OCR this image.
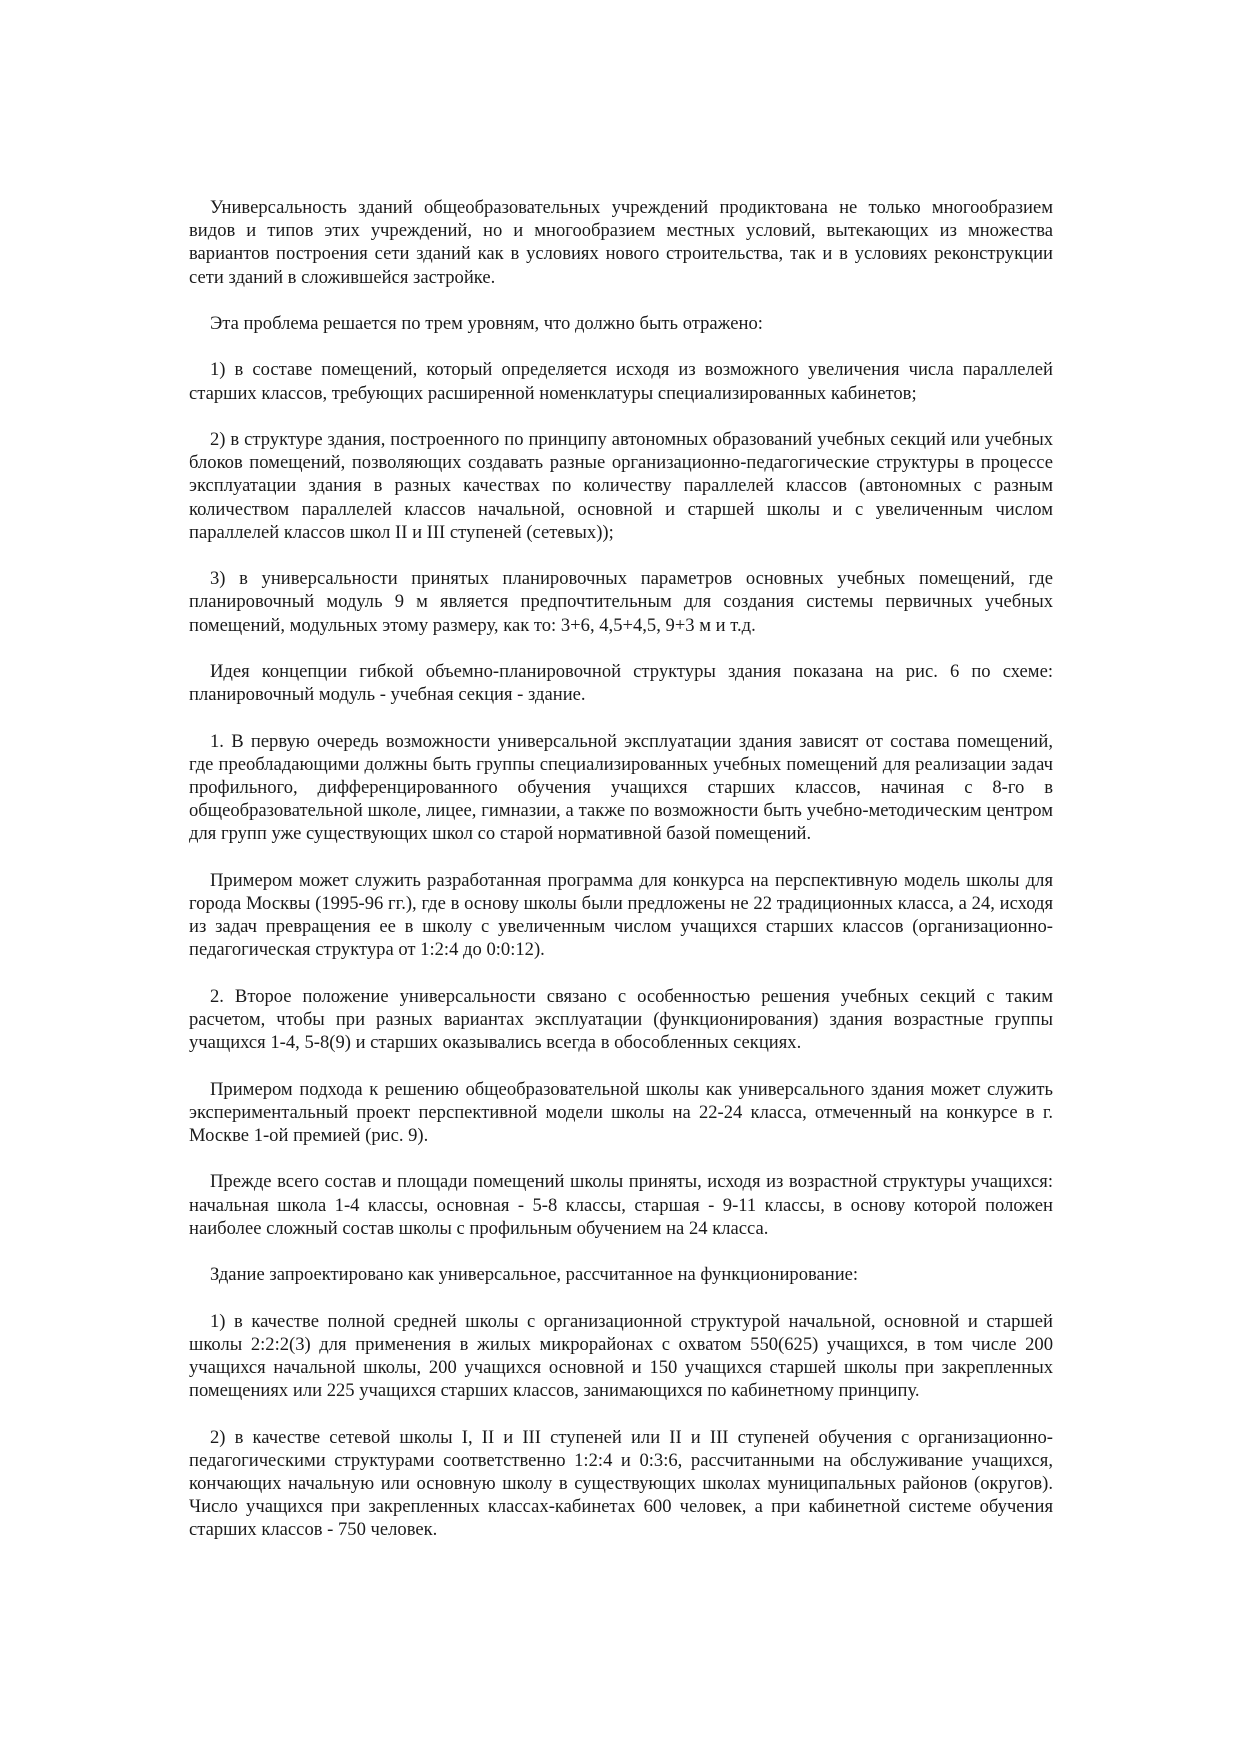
Универсальность зданий общеобразовательных учреждений продиктована не только многообразием видов и типов этих учреждений, но и многообразием местных условий, вытекающих из множества вариантов построения сети зданий как в условиях нового строительства, так и в условиях реконструкции сети зданий в сложившейся застройке.

Эта проблема решается по трем уровням, что должно быть отражено:

1) в составе помещений, который определяется исходя из возможного увеличения числа параллелей старших классов, требующих расширенной номенклатуры специализированных кабинетов;

2) в структуре здания, построенного по принципу автономных образований учебных секций или учебных блоков помещений, позволяющих создавать разные организационно-педагогические структуры в процессе эксплуатации здания в разных качествах по количеству параллелей классов (автономных с разным количеством параллелей классов начальной, основной и старшей школы и с увеличенным числом параллелей классов школ II и III ступеней (сетевых));

3) в универсальности принятых планировочных параметров основных учебных помещений, где планировочный модуль 9 м является предпочтительным для создания системы первичных учебных помещений, модульных этому размеру, как то: 3+6, 4,5+4,5, 9+3 м и т.д.

Идея концепции гибкой объемно-планировочной структуры здания показана на рис. 6 по схеме: планировочный модуль - учебная секция - здание.

1. В первую очередь возможности универсальной эксплуатации здания зависят от состава помещений, где преобладающими должны быть группы специализированных учебных помещений для реализации задач профильного, дифференцированного обучения учащихся старших классов, начиная с 8-го в общеобразовательной школе, лицее, гимназии, а также по возможности быть учебно-методическим центром для групп уже существующих школ со старой нормативной базой помещений.

Примером может служить разработанная программа для конкурса на перспективную модель школы для города Москвы (1995-96 гг.), где в основу школы были предложены не 22 традиционных класса, а 24, исходя из задач превращения ее в школу с увеличенным числом учащихся старших классов (организационно-педагогическая структура от 1:2:4 до 0:0:12).

2. Второе положение универсальности связано с особенностью решения учебных секций с таким расчетом, чтобы при разных вариантах эксплуатации (функционирования) здания возрастные группы учащихся 1-4, 5-8(9) и старших оказывались всегда в обособленных секциях.

Примером подхода к решению общеобразовательной школы как универсального здания может служить экспериментальный проект перспективной модели школы на 22-24 класса, отмеченный на конкурсе в г. Москве 1-ой премией (рис. 9).

Прежде всего состав и площади помещений школы приняты, исходя из возрастной структуры учащихся: начальная школа 1-4 классы, основная - 5-8 классы, старшая - 9-11 классы, в основу которой положен наиболее сложный состав школы с профильным обучением на 24 класса.

Здание запроектировано как универсальное, рассчитанное на функционирование:

1) в качестве полной средней школы с организационной структурой начальной, основной и старшей школы 2:2:2(3) для применения в жилых микрорайонах с охватом 550(625) учащихся, в том числе 200 учащихся начальной школы, 200 учащихся основной и 150 учащихся старшей школы при закрепленных помещениях или 225 учащихся старших классов, занимающихся по кабинетному принципу.

2) в качестве сетевой школы I, II и III ступеней или II и III ступеней обучения с организационно-педагогическими структурами соответственно 1:2:4 и 0:3:6, рассчитанными на обслуживание учащихся, кончающих начальную или основную школу в существующих школах муниципальных районов (округов). Число учащихся при закрепленных классах-кабинетах 600 человек, а при кабинетной системе обучения старших классов - 750 человек.
